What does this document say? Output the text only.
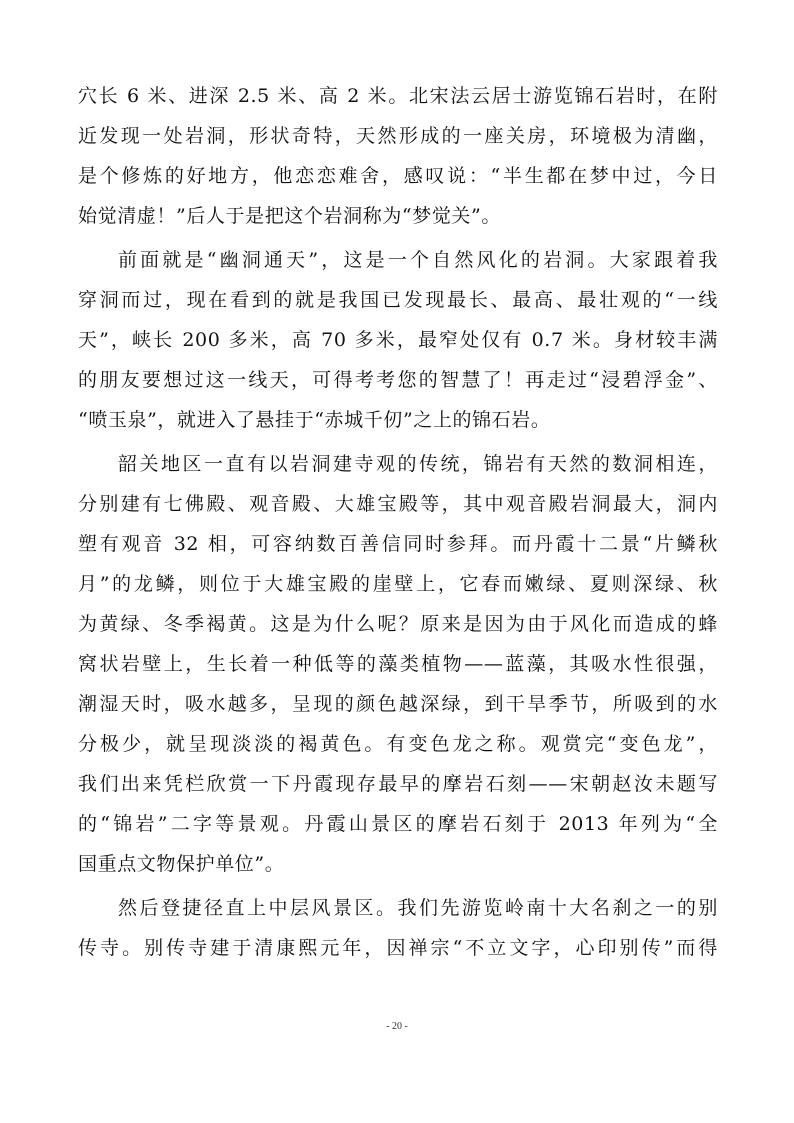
穴长 6 米、进深 2.5 米、高 2 米。北宋法云居士游览锦石岩时，在附
近发现一处岩洞，形状奇特，天然形成的一座关房，环境极为清幽，
是个修炼的好地方，他恋恋难舍，感叹说：“半生都在梦中过，今日
始觉清虚！”后人于是把这个岩洞称为“梦觉关”。
前面就是“幽洞通天”，这是一个自然风化的岩洞。大家跟着我
穿洞而过，现在看到的就是我国已发现最长、最高、最壮观的“一线
天”，峡长 200 多米，高 70 多米，最窄处仅有 0.7 米。身材较丰满
的朋友要想过这一线天，可得考考您的智慧了！再走过“浸碧浮金”、
“喷玉泉”，就进入了悬挂于“赤城千仞”之上的锦石岩。
韶关地区一直有以岩洞建寺观的传统，锦岩有天然的数洞相连，
分别建有七佛殿、观音殿、大雄宝殿等，其中观音殿岩洞最大，洞内
塑有观音 32 相，可容纳数百善信同时参拜。而丹霞十二景“片鳞秋
月”的龙鳞，则位于大雄宝殿的崖壁上，它春而嫩绿、夏则深绿、秋
为黄绿、冬季褐黄。这是为什么呢？原来是因为由于风化而造成的蜂
窝状岩壁上，生长着一种低等的藻类植物——蓝藻，其吸水性很强，
潮湿天时，吸水越多，呈现的颜色越深绿，到干旱季节，所吸到的水
分极少，就呈现淡淡的褐黄色。有变色龙之称。观赏完“变色龙”，
我们出来凭栏欣赏一下丹霞现存最早的摩岩石刻——宋朝赵汝未题写
的“锦岩”二字等景观。丹霞山景区的摩岩石刻于 2013 年列为“全
国重点文物保护单位”。
然后登捷径直上中层风景区。我们先游览岭南十大名刹之一的别
传寺。别传寺建于清康熙元年，因禅宗“不立文字，心印别传”而得
- 20 -
